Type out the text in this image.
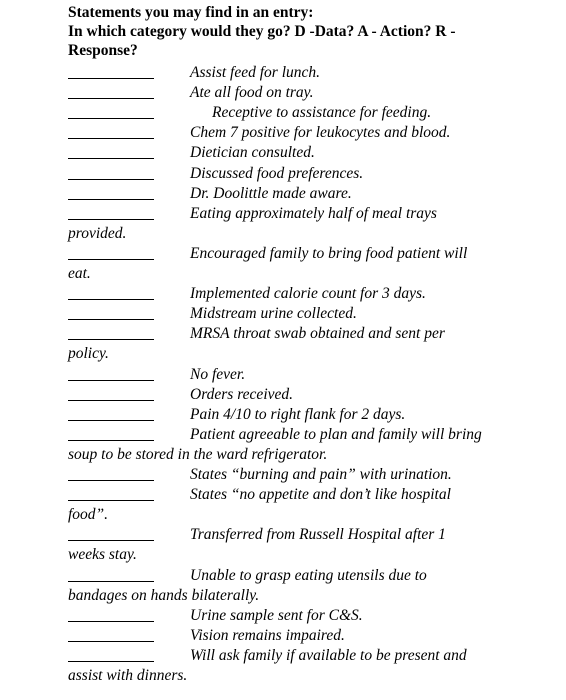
Statements you may find in an entry:
In which category would they go? D -Data? A - Action? R -
Response?
Assist feed for lunch.
Ate all food on tray.
Receptive to assistance for feeding.
Chem 7 positive for leukocytes and blood.
Dietician consulted.
Discussed food preferences.
Dr. Doolittle made aware.
Eating approximately half of meal trays
provided.
Encouraged family to bring food patient will
eat.
Implemented calorie count for 3 days.
Midstream urine collected.
MRSA throat swab obtained and sent per
policy.
No fever.
Orders received.
Pain 4/10 to right flank for 2 days.
Patient agreeable to plan and family will bring
soup to be stored in the ward refrigerator.
States “burning and pain” with urination.
States “no appetite and don’t like hospital
food”.
Transferred from Russell Hospital after 1
weeks stay.
Unable to grasp eating utensils due to
bandages on hands bilaterally.
Urine sample sent for C&S.
Vision remains impaired.
Will ask family if available to be present and
assist with dinners.
